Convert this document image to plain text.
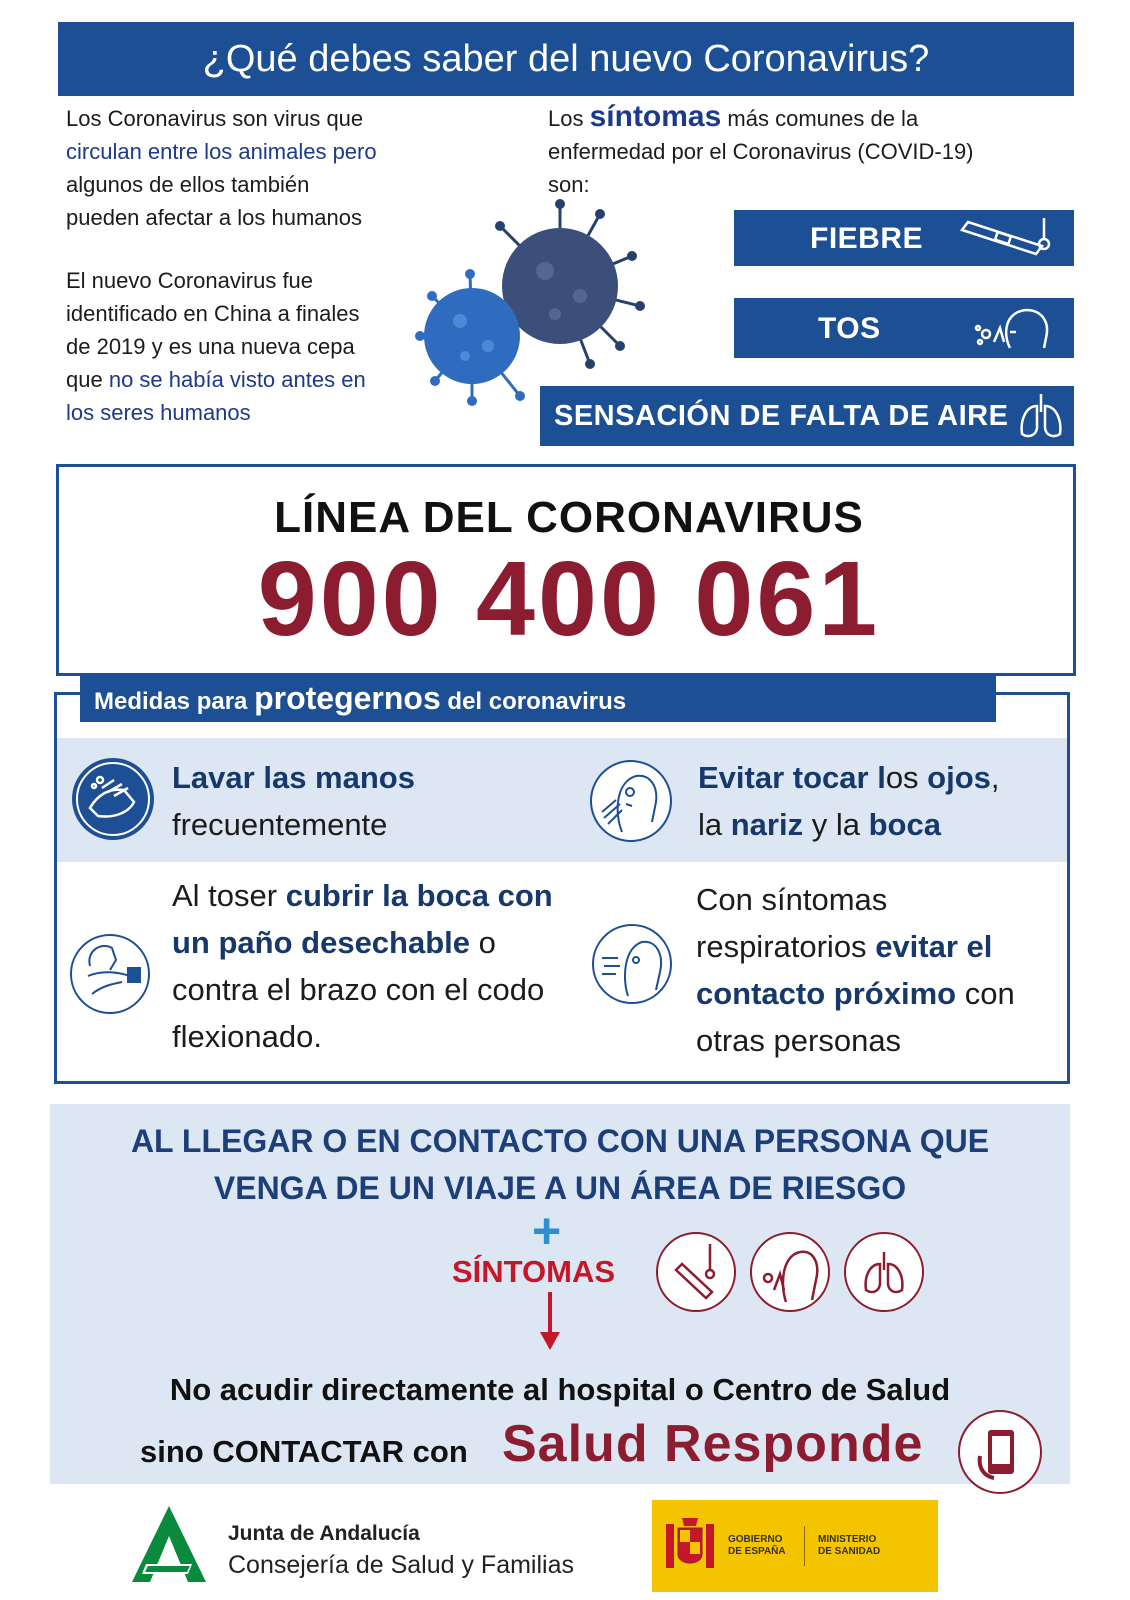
¿Qué debes saber del nuevo Coronavirus?
Los Coronavirus son virus que
circulan entre los animales pero
algunos de ellos también
pueden afectar a los humanos
El nuevo Coronavirus fue
identificado en China a finales
de 2019 y es una nueva cepa
que no se había visto antes en
los seres humanos
Los síntomas más comunes de la
enfermedad por el Coronavirus (COVID-19)
son:
FIEBRE
TOS
SENSACIÓN DE FALTA DE AIRE
LÍNEA DEL CORONAVIRUS
900 400 061
Medidas para protegernos del coronavirus
Lavar las manos
frecuentemente
Evitar tocar los ojos,
la nariz y la boca
Al toser cubrir la boca con
un paño desechable o
contra el brazo con el codo
flexionado.
Con síntomas
respiratorios evitar el
contacto próximo con
otras personas
AL LLEGAR O EN CONTACTO CON UNA PERSONA QUE
VENGA DE UN VIAJE A UN ÁREA DE RIESGO
+
SÍNTOMAS
No acudir directamente al hospital o Centro de Salud
sino CONTACTAR con Salud Responde
Junta de Andalucía
Consejería de Salud y Familias
GOBIERNO
DE ESPAÑA
MINISTERIO
DE SANIDAD
